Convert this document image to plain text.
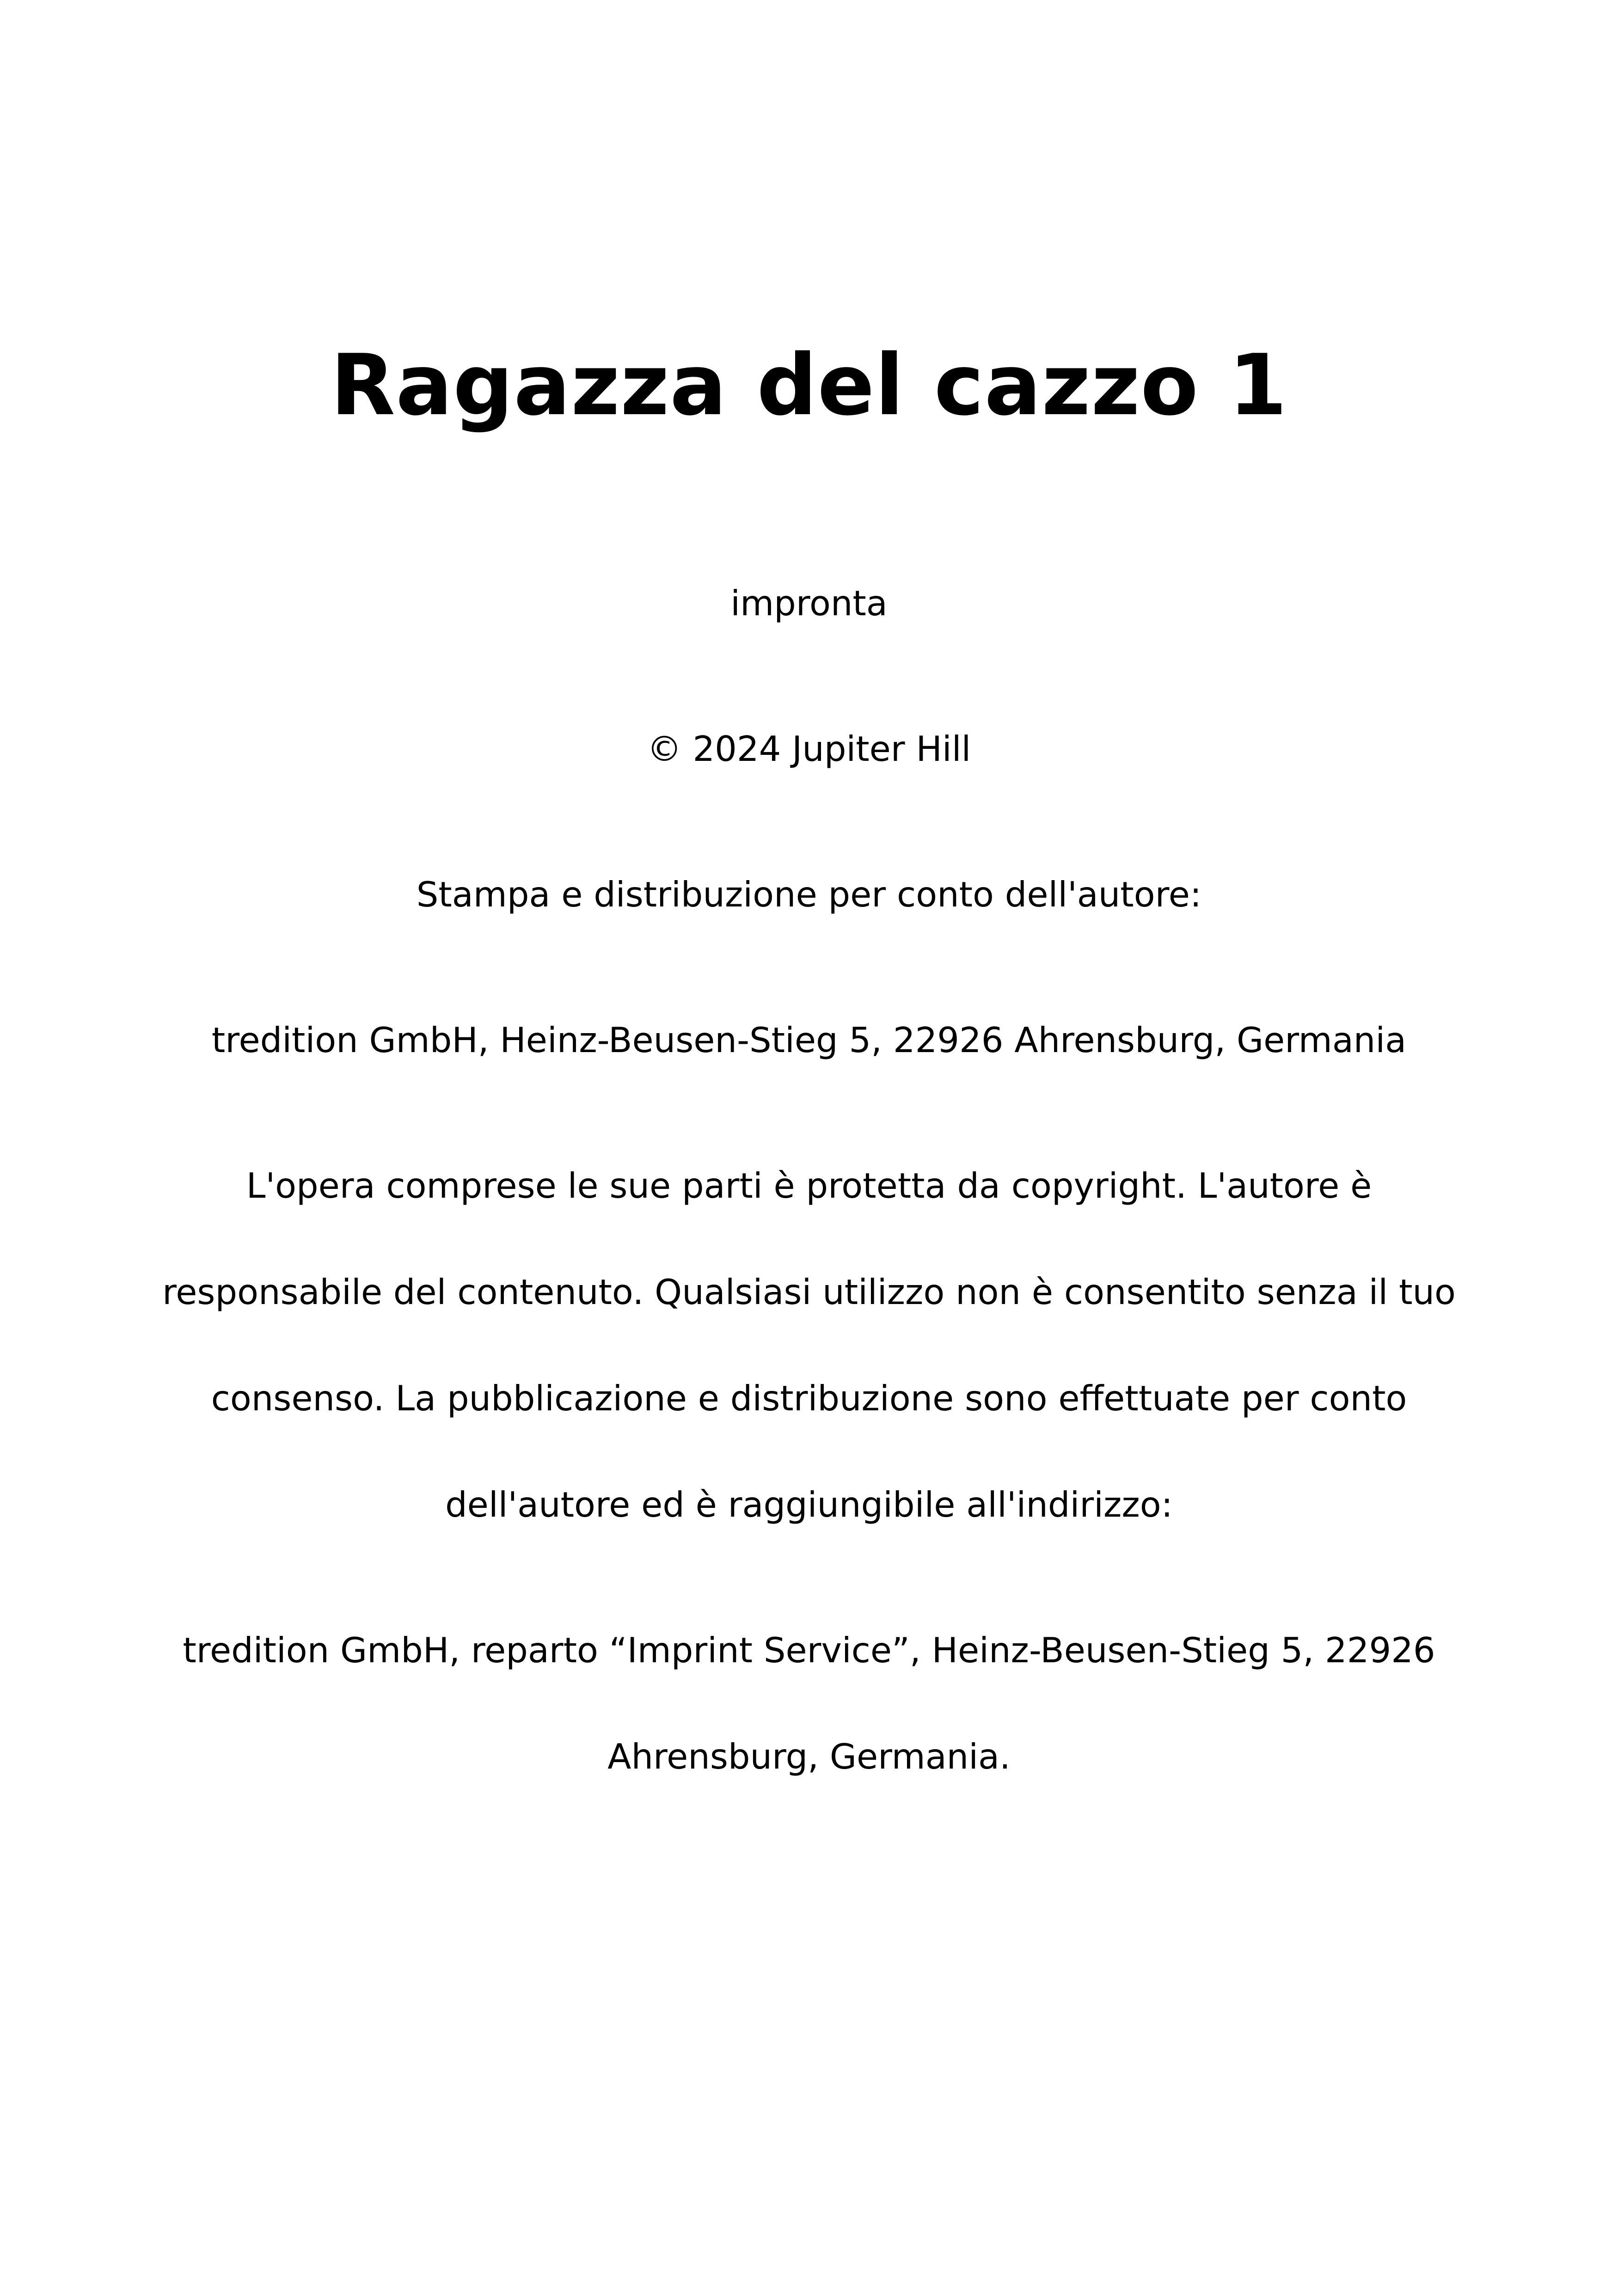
Ragazza del cazzo 1

impronta

© 2024 Jupiter Hill

Stampa e distribuzione per conto dell'autore:

tredition GmbH, Heinz-Beusen-Stieg 5, 22926 Ahrensburg, Germania

L'opera comprese le sue parti è protetta da copyright. L'autore è responsabile del contenuto. Qualsiasi utilizzo non è consentito senza il tuo consenso. La pubblicazione e distribuzione sono effettuate per conto dell'autore ed è raggiungibile all'indirizzo:

tredition GmbH, reparto “Imprint Service”, Heinz-Beusen-Stieg 5, 22926 Ahrensburg, Germania.
